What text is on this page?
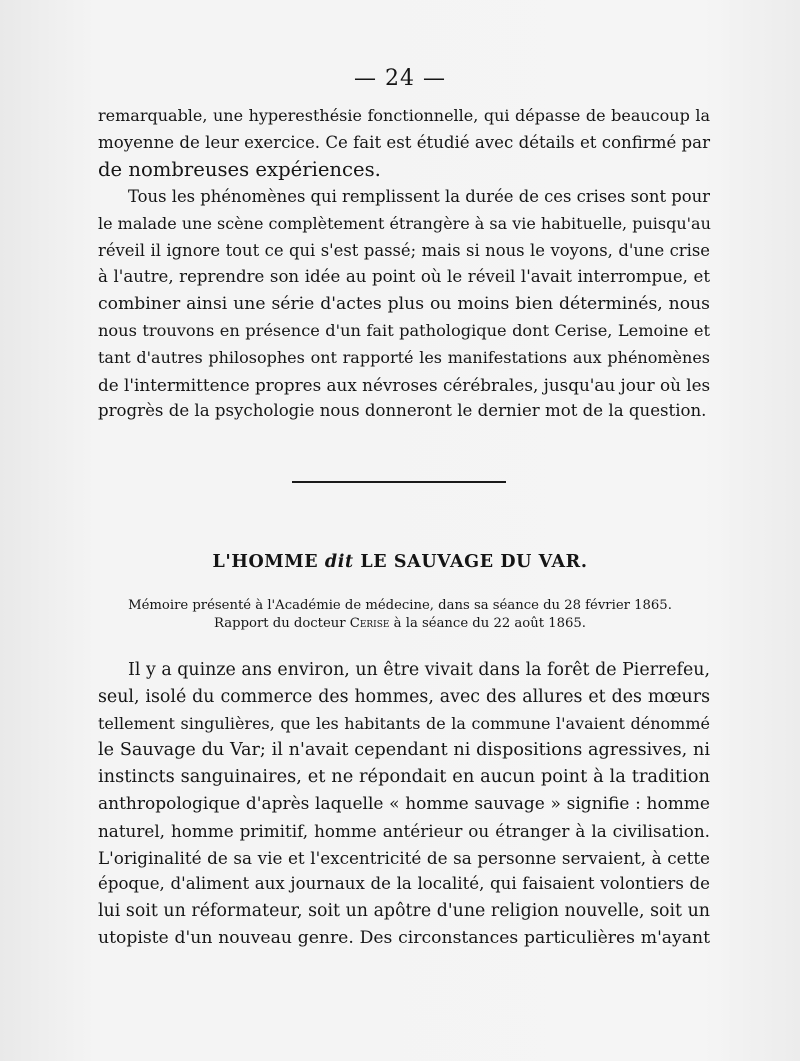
— 24 —
remarquable, une hyperesthésie fonctionnelle, qui dépasse de beaucoup la
moyenne de leur exercice. Ce fait est étudié avec détails et confirmé par
de nombreuses expériences.
Tous les phénomènes qui remplissent la durée de ces crises sont pour
le malade une scène complètement étrangère à sa vie habituelle, puisqu'au
réveil il ignore tout ce qui s'est passé; mais si nous le voyons, d'une crise
à l'autre, reprendre son idée au point où le réveil l'avait interrompue, et
combiner ainsi une série d'actes plus ou moins bien déterminés, nous
nous trouvons en présence d'un fait pathologique dont Cerise, Lemoine et
tant d'autres philosophes ont rapporté les manifestations aux phénomènes
de l'intermittence propres aux névroses cérébrales, jusqu'au jour où les
progrès de la psychologie nous donneront le dernier mot de la question.
L'HOMME dit LE SAUVAGE DU VAR.
Mémoire présenté à l'Académie de médecine, dans sa séance du 28 février 1865.
Rapport du docteur Cerise à la séance du 22 août 1865.
Il y a quinze ans environ, un être vivait dans la forêt de Pierrefeu,
seul, isolé du commerce des hommes, avec des allures et des mœurs
tellement singulières, que les habitants de la commune l'avaient dénommé
le Sauvage du Var; il n'avait cependant ni dispositions agressives, ni
instincts sanguinaires, et ne répondait en aucun point à la tradition
anthropologique d'après laquelle « homme sauvage » signifie : homme
naturel, homme primitif, homme antérieur ou étranger à la civilisation.
L'originalité de sa vie et l'excentricité de sa personne servaient, à cette
époque, d'aliment aux journaux de la localité, qui faisaient volontiers de
lui soit un réformateur, soit un apôtre d'une religion nouvelle, soit un
utopiste d'un nouveau genre. Des circonstances particulières m'ayant
